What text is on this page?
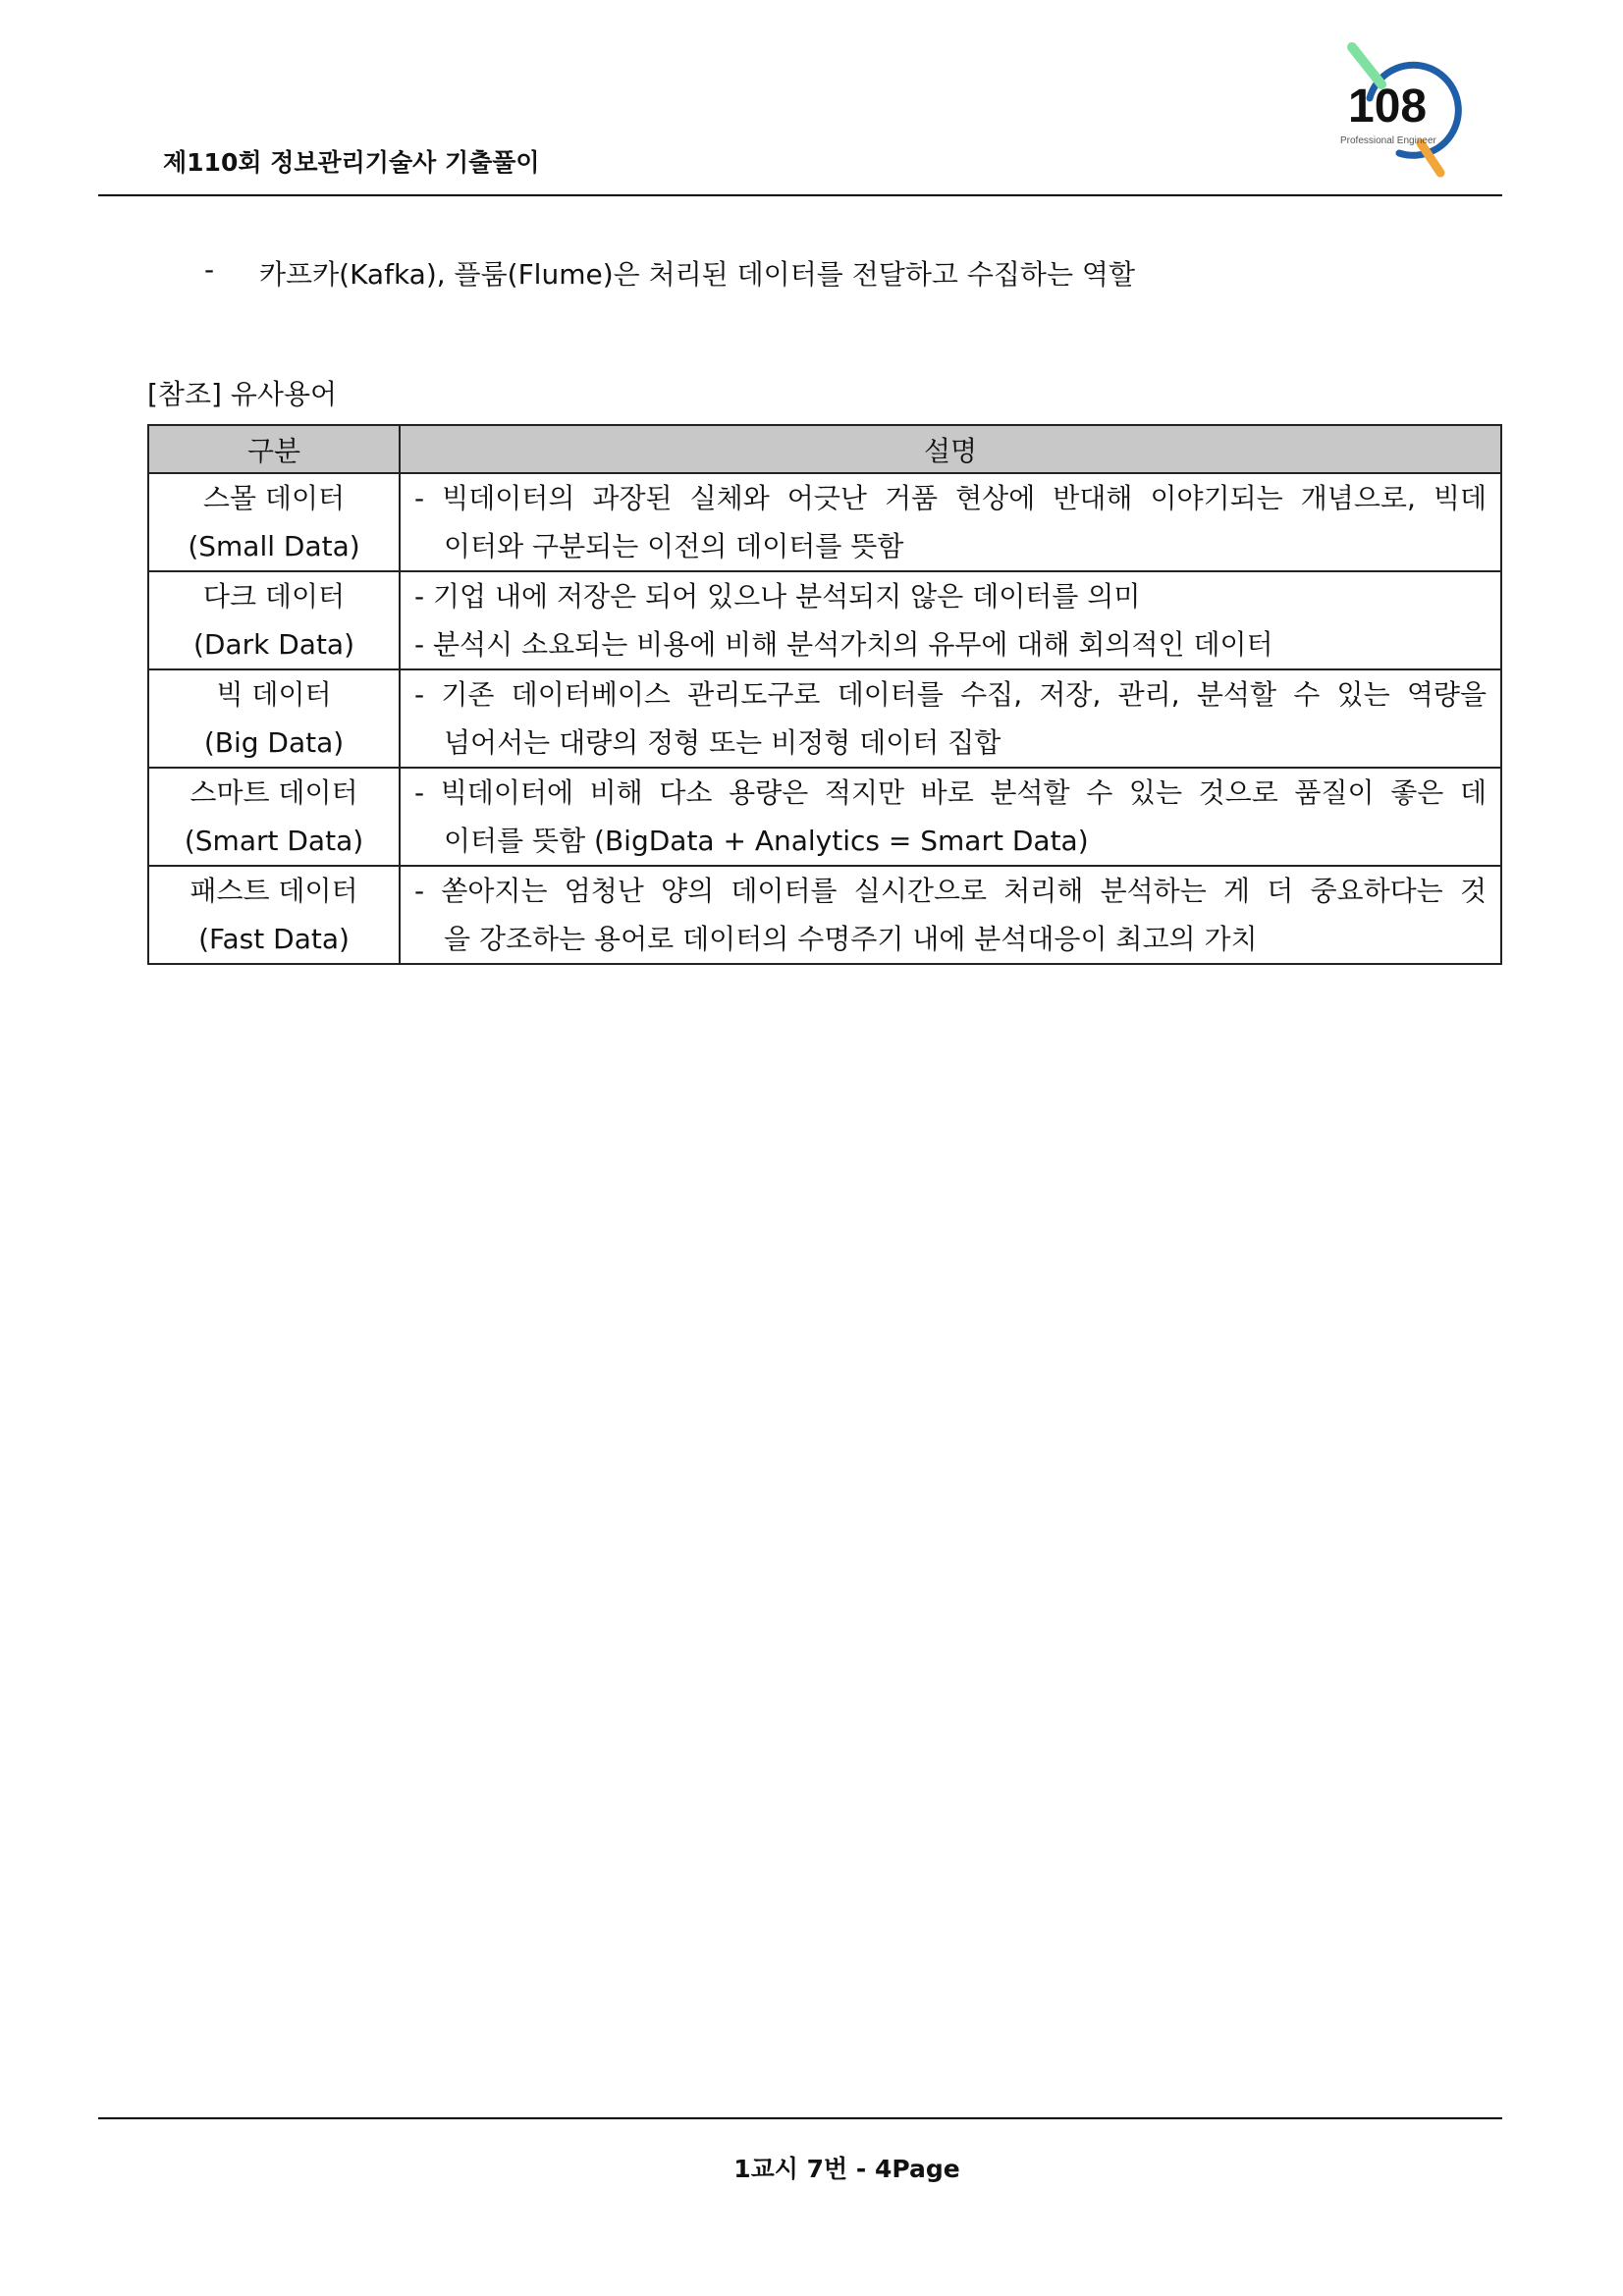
제110회 정보관리기술사 기출풀이
108
Professional Engineer
- 카프카(Kafka), 플룸(Flume)은 처리된 데이터를 전달하고 수집하는 역할
[참조] 유사용어
구분	설명

스몰 데이터
(Small Data)	- 빅데이터의 과장된 실체와 어긋난 거품 현상에 반대해 이야기되는 개념으로, 빅데
이터와 구분되는 이전의 데이터를 뜻함

다크 데이터
(Dark Data)	- 기업 내에 저장은 되어 있으나 분석되지 않은 데이터를 의미
- 분석시 소요되는 비용에 비해 분석가치의 유무에 대해 회의적인 데이터

빅 데이터
(Big Data)	- 기존 데이터베이스 관리도구로 데이터를 수집, 저장, 관리, 분석할 수 있는 역량을
넘어서는 대량의 정형 또는 비정형 데이터 집합

스마트 데이터
(Smart Data)	- 빅데이터에 비해 다소 용량은 적지만 바로 분석할 수 있는 것으로 품질이 좋은 데
이터를 뜻함 (BigData + Analytics = Smart Data)

패스트 데이터
(Fast Data)	- 쏟아지는 엄청난 양의 데이터를 실시간으로 처리해 분석하는 게 더 중요하다는 것
을 강조하는 용어로 데이터의 수명주기 내에 분석대응이 최고의 가치
1교시 7번 - 4Page
